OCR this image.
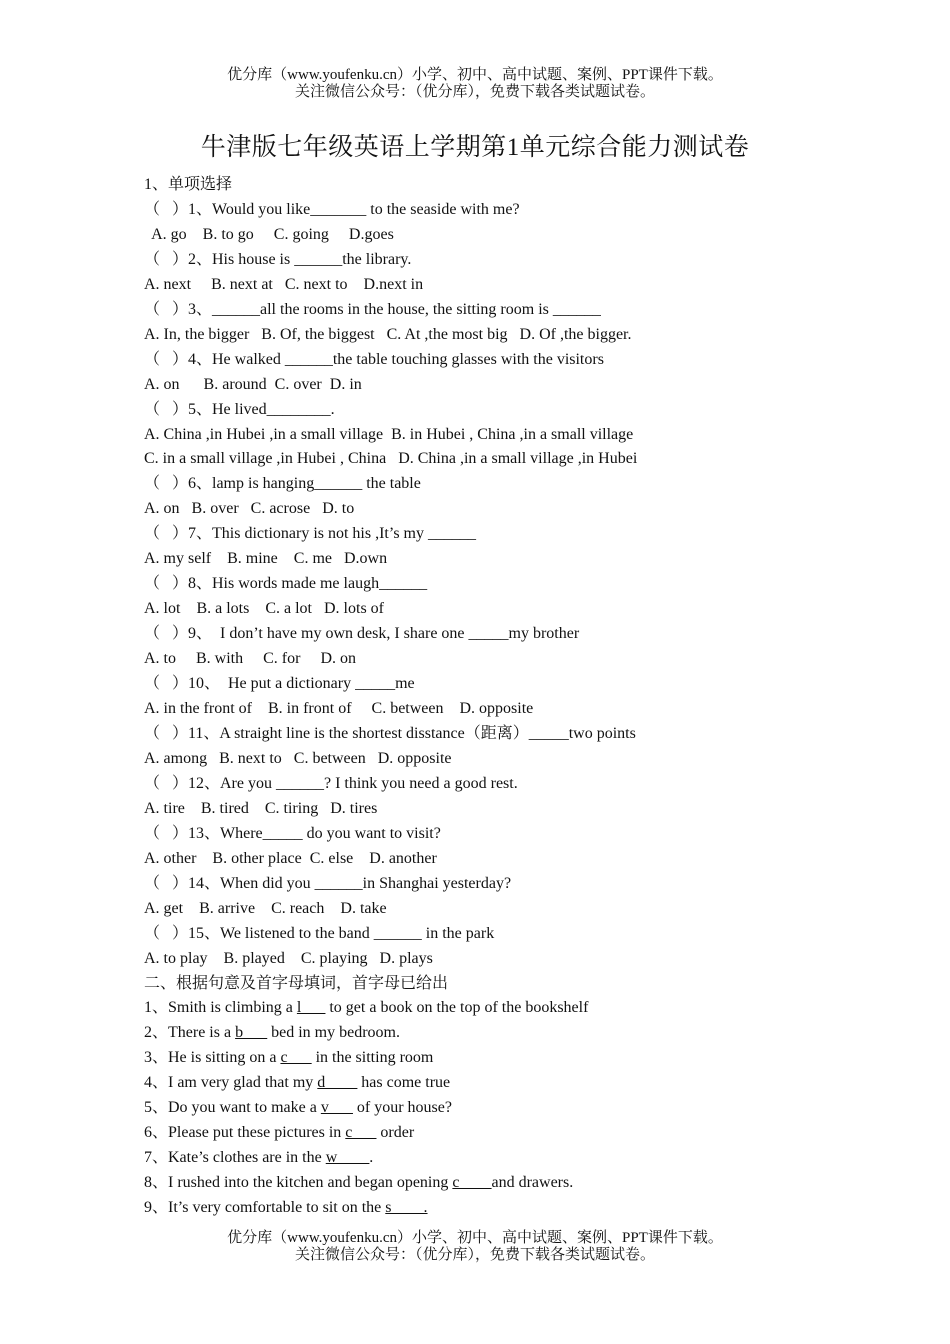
优分库（www.youfenku.cn）小学、初中、高中试题、案例、PPT课件下载。
关注微信公众号：（优分库），免费下载各类试题试卷。
牛津版七年级英语上学期第1单元综合能力测试卷
1、单项选择
（   ）1、Would you like_______ to the seaside with me?
A. go    B. to go     C. going     D.goes
（   ）2、His house is ______the library.
A. next     B. next at   C. next to    D.next in
（   ）3、______all the rooms in the house, the sitting room is ______
A. In, the bigger   B. Of, the biggest   C. At ,the most big   D. Of ,the bigger.
（   ）4、He walked ______the table touching glasses with the visitors
A. on      B. around  C. over  D. in
（   ）5、He lived________.
A. China ,in Hubei ,in a small village  B. in Hubei , China ,in a small village
C. in a small village ,in Hubei , China   D. China ,in a small village ,in Hubei
（   ）6、lamp is hanging______ the table
A. on   B. over   C. acrose   D. to
（   ）7、This dictionary is not his ,It’s my ______
A. my self    B. mine    C. me   D.own
（   ）8、His words made me laugh______
A. lot    B. a lots    C. a lot   D. lots of
（   ）9、  I don’t have my own desk, I share one _____my brother
A. to     B. with     C. for     D. on
（   ）10、  He put a dictionary _____me
A. in the front of    B. in front of     C. between    D. opposite
（   ）11、A straight line is the shortest disstance（距离）_____two points
A. among   B. next to   C. between   D. opposite
（   ）12、Are you ______? I think you need a good rest.
A. tire    B. tired    C. tiring   D. tires
（   ）13、Where_____ do you want to visit?
A. other    B. other place  C. else    D. another
（   ）14、When did you ______in Shanghai yesterday?
A. get    B. arrive    C. reach    D. take
（   ）15、We listened to the band ______ in the park
A. to play    B. played    C. playing   D. plays
二、根据句意及首字母填词，首字母已给出
1、Smith is climbing a l___ to get a book on the top of the bookshelf
2、There is a b___ bed in my bedroom.
3、He is sitting on a c___ in the sitting room
4、I am very glad that my d____ has come true
5、Do you want to make a v___ of your house?
6、Please put these pictures in c___ order
7、Kate’s clothes are in the w____.
8、I rushed into the kitchen and began opening c____and drawers.
9、It’s very comfortable to sit on the s____.
优分库（www.youfenku.cn）小学、初中、高中试题、案例、PPT课件下载。
关注微信公众号：（优分库），免费下载各类试题试卷。
